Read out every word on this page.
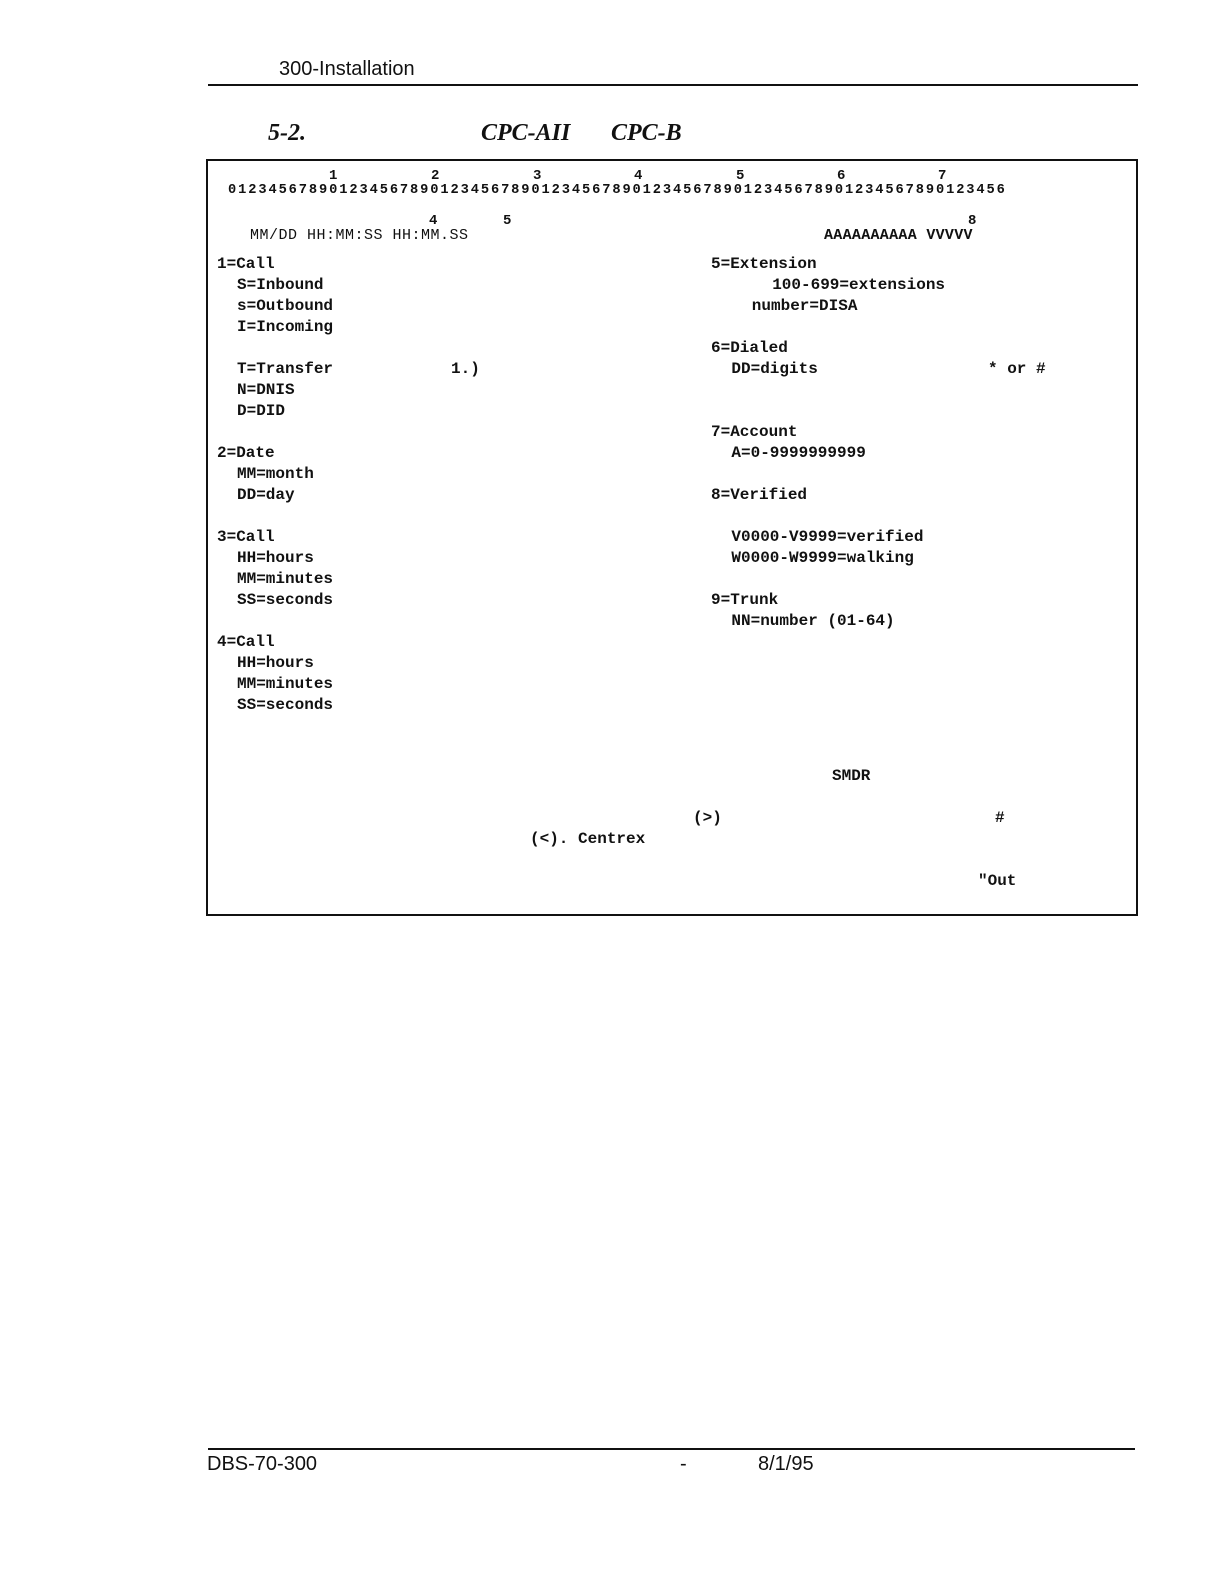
300-Installation
5-2.	CPC-AII CPC-B
1	2	3	4	5	6	7
01234567890123456789012345678901234567890123456789012345678901234567890123456
4	5	8
MM/DD HH:MM:SS HH:MM.SS	AAAAAAAAAA VVVVV
1=Call
S=Inbound
s=Outbound
I=Incoming
T=Transfer	1.)
N=DNIS
D=DID
2=Date
MM=month
DD=day
3=Call
HH=hours
MM=minutes
SS=seconds
4=Call
HH=hours
MM=minutes
SS=seconds
5=Extension
100-699=extensions
number=DISA
6=Dialed
DD=digits	* or #
7=Account
A=0-9999999999
8=Verified
V0000-V9999=verified
W0000-W9999=walking
9=Trunk
NN=number (01-64)
SMDR
(>)	#
(<). Centrex
"Out
DBS-70-300	-	8/1/95
